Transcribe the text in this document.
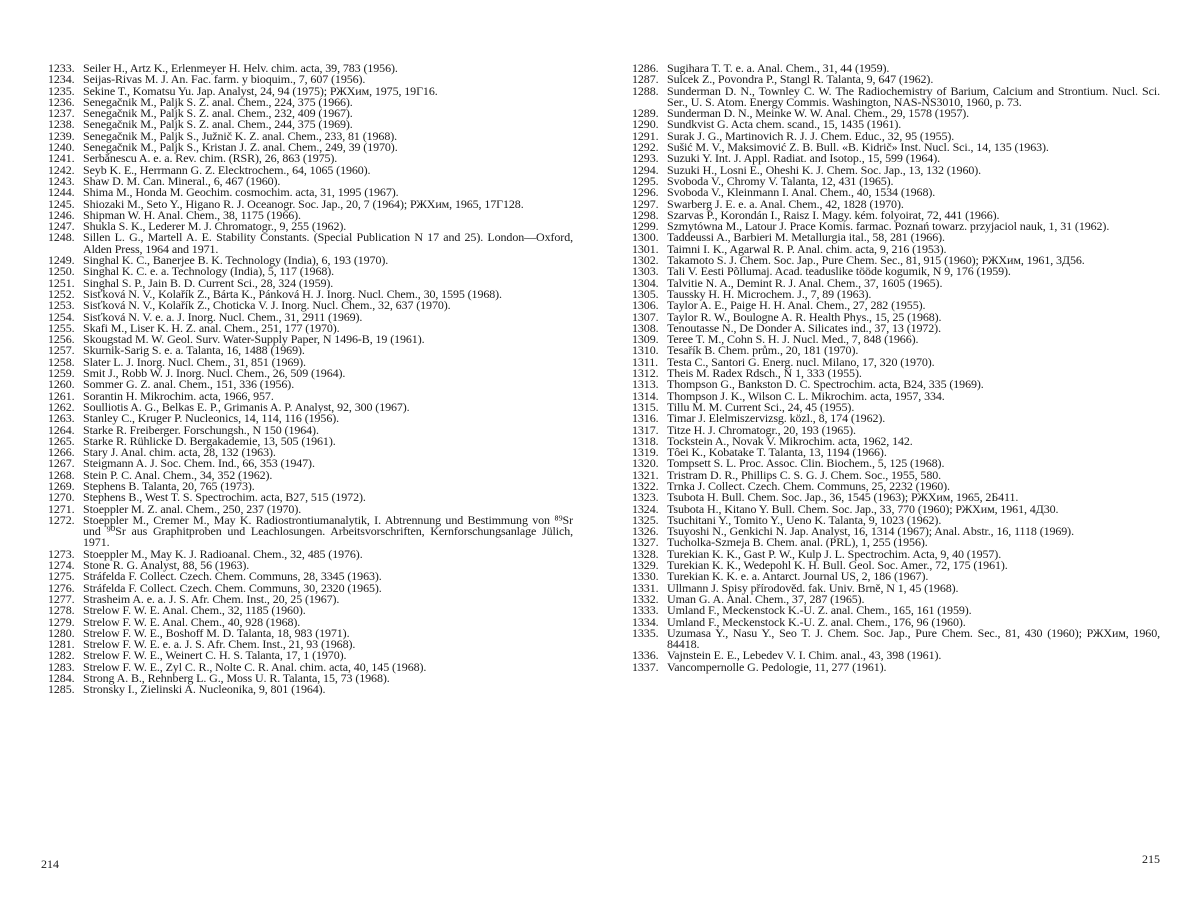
1233. Seiler H., Artz K., Erlenmeyer H. Helv. chim. acta, 39, 783 (1956).
1234. Seijas-Rivas M. J. An. Fac. farm. y bioquim., 7, 607 (1956).
1235. Sekine T., Komatsu Yu. Jap. Analyst, 24, 94 (1975); РЖХим, 1975, 19Г16.
1236. Senegačnik M., Paljk S. Z. anal. Chem., 224, 375 (1966).
1237. Senegačnik M., Paljk S. Z. anal. Chem., 232, 409 (1967).
1238. Senegačnik M., Paljk S. Z. anal. Chem., 244, 375 (1969).
1239. Senegačnik M., Paljk S., Južnič K. Z. anal. Chem., 233, 81 (1968).
1240. Senegačnik M., Paljk S., Kristan J. Z. anal. Chem., 249, 39 (1970).
1241. Serbănescu A. e. a. Rev. chim. (RSR), 26, 863 (1975).
1242. Seyb K. E., Herrmann G. Z. Elecktrochem., 64, 1065 (1960).
1243. Shaw D. M. Can. Mineral., 6, 467 (1960).
1244. Shima M., Honda M. Geochim. cosmochim. acta, 31, 1995 (1967).
1245. Shiozaki M., Seto Y., Higano R. J. Oceanogr. Soc. Jap., 20, 7 (1964); РЖХим, 1965, 17Г128.
1246. Shipman W. H. Anal. Chem., 38, 1175 (1966).
1247. Shukla S. K., Lederer M. J. Chromatogr., 9, 255 (1962).
1248. Sillen L. G., Martell A. E. Stability Constants. (Special Publication N 17 and 25). London—Oxford, Alden Press, 1964 and 1971.
1249. Singhal K. C., Banerjee B. K. Technology (India), 6, 193 (1970).
1250. Singhal K. C. e. a. Technology (India), 5, 117 (1968).
1251. Singhal S. P., Jain B. D. Current Sci., 28, 324 (1959).
1252. Sisťková N. V., Kolařík Z., Bárta K., Pánková H. J. Inorg. Nucl. Chem., 30, 1595 (1968).
1253. Sisťková N. V., Kolařík Z., Choticka V. J. Inorg. Nucl. Chem., 32, 637 (1970).
1254. Sisťková N. V. e. a. J. Inorg. Nucl. Chem., 31, 2911 (1969).
1255. Skafi M., Liser K. H. Z. anal. Chem., 251, 177 (1970).
1256. Skougstad M. W. Geol. Surv. Water-Supply Paper, N 1496-B, 19 (1961).
1257. Skurnik-Sarig S. e. a. Talanta, 16, 1488 (1969).
1258. Slater L. J. Inorg. Nucl. Chem., 31, 851 (1969).
1259. Smit J., Robb W. J. Inorg. Nucl. Chem., 26, 509 (1964).
1260. Sommer G. Z. anal. Chem., 151, 336 (1956).
1261. Sorantin H. Mikrochim. acta, 1966, 957.
1262. Soulliotis A. G., Belkas E. P., Grimanis A. P. Analyst, 92, 300 (1967).
1263. Stanley C., Kruger P. Nucleonics, 14, 114, 116 (1956).
1264. Starke R. Freiberger. Forschungsh., N 150 (1964).
1265. Starke R. Rühlicke D. Bergakademie, 13, 505 (1961).
1266. Stary J. Anal. chim. acta, 28, 132 (1963).
1267. Steigmann A. J. Soc. Chem. Ind., 66, 353 (1947).
1268. Stein P. C. Anal. Chem., 34, 352 (1962).
1269. Stephens B. Talanta, 20, 765 (1973).
1270. Stephens B., West T. S. Spectrochim. acta, B27, 515 (1972).
1271. Stoeppler M. Z. anal. Chem., 250, 237 (1970).
1272. Stoeppler M., Cremer M., May K. Radiostrontiumanalytik, I. Abtrennung und Bestimmung von ⁸⁹Sr und ⁹⁰Sr aus Graphitproben und Leachlosungen. Arbeitsvorschriften, Kernforschungsanlage Jülich, 1971.
1273. Stoeppler M., May K. J. Radioanal. Chem., 32, 485 (1976).
1274. Stone R. G. Analyst, 88, 56 (1963).
1275. Stráfelda F. Collect. Czech. Chem. Communs, 28, 3345 (1963).
1276. Stráfelda F. Collect. Czech. Chem. Communs, 30, 2320 (1965).
1277. Strasheim A. e. a. J. S. Afr. Chem. Inst., 20, 25 (1967).
1278. Strelow F. W. E. Anal. Chem., 32, 1185 (1960).
1279. Strelow F. W. E. Anal. Chem., 40, 928 (1968).
1280. Strelow F. W. E., Boshoff M. D. Talanta, 18, 983 (1971).
1281. Strelow F. W. E. e. a. J. S. Afr. Chem. Inst., 21, 93 (1968).
1282. Strelow F. W. E., Weinert C. H. S. Talanta, 17, 1 (1970).
1283. Strelow F. W. E., Zyl C. R., Nolte C. R. Anal. chim. acta, 40, 145 (1968).
1284. Strong A. B., Rehnberg L. G., Moss U. R. Talanta, 15, 73 (1968).
1285. Stronsky I., Zielinski A. Nucleonika, 9, 801 (1964).
214
1286. Sugihara T. T. e. a. Anal. Chem., 31, 44 (1959).
1287. Sulcek Z., Povondra P., Stangl R. Talanta, 9, 647 (1962).
1288. Sunderman D. N., Townley C. W. The Radiochemistry of Barium, Calcium and Strontium. Nucl. Sci. Ser., U. S. Atom. Energy Commis. Washington, NAS-NS3010, 1960, p. 73.
1289. Sunderman D. N., Meinke W. W. Anal. Chem., 29, 1578 (1957).
1290. Sundkvist G. Acta chem. scand., 15, 1435 (1961).
1291. Surak J. G., Martinovich R. J. J. Chem. Educ., 32, 95 (1955).
1292. Sušić M. V., Maksimović Z. B. Bull. «B. Kidrič» Inst. Nucl. Sci., 14, 135 (1963).
1293. Suzuki Y. Int. J. Appl. Radiat. and Isotop., 15, 599 (1964).
1294. Suzuki H., Losni E., Oheshi K. J. Chem. Soc. Jap., 13, 132 (1960).
1295. Svoboda V., Chromy V. Talanta, 12, 431 (1965).
1296. Svoboda V., Kleinmann I. Anal. Chem., 40, 1534 (1968).
1297. Swarberg J. E. e. a. Anal. Chem., 42, 1828 (1970).
1298. Szarvas P., Korondán I., Raisz I. Magy. kém. folyoirat, 72, 441 (1966).
1299. Szmytówna M., Latour J. Prace Komis. farmac. Poznań towarz. przyjaciol nauk, 1, 31 (1962).
1300. Taddeussi A., Barbieri M. Metallurgia ital., 58, 281 (1966).
1301. Taimni I. K., Agarwal R. P. Anal. chim. acta, 9, 216 (1953).
1302. Takamoto S. J. Chem. Soc. Jap., Pure Chem. Sec., 81, 915 (1960); РЖХим, 1961, 3Д56.
1303. Tali V. Eesti Põllumaj. Acad. teaduslike tööde kogumik, N 9, 176 (1959).
1304. Talvitie N. A., Demint R. J. Anal. Chem., 37, 1605 (1965).
1305. Taussky H. H. Microchem. J., 7, 89 (1963).
1306. Taylor A. E., Paige H. H. Anal. Chem., 27, 282 (1955).
1307. Taylor R. W., Boulogne A. R. Health Phys., 15, 25 (1968).
1308. Tenoutasse N., De Donder A. Silicates ind., 37, 13 (1972).
1309. Teree T. M., Cohn S. H. J. Nucl. Med., 7, 848 (1966).
1310. Tesařík B. Chem. prům., 20, 181 (1970).
1311. Testa C., Santori G. Energ. nucl. Milano, 17, 320 (1970).
1312. Theis M. Radex Rdsch., N 1, 333 (1955).
1313. Thompson G., Bankston D. C. Spectrochim. acta, B24, 335 (1969).
1314. Thompson J. K., Wilson C. L. Mikrochim. acta, 1957, 334.
1315. Tillu M. M. Current Sci., 24, 45 (1955).
1316. Timar J. Elelmiszervizsg. közl., 8, 174 (1962).
1317. Titze H. J. Chromatogr., 20, 193 (1965).
1318. Tockstein A., Novak V. Mikrochim. acta, 1962, 142.
1319. Tôei K., Kobatake T. Talanta, 13, 1194 (1966).
1320. Tompsett S. L. Proc. Assoc. Clin. Biochem., 5, 125 (1968).
1321. Tristram D. R., Phillips C. S. G. J. Chem. Soc., 1955, 580.
1322. Trnka J. Collect. Czech. Chem. Communs, 25, 2232 (1960).
1323. Tsubota H. Bull. Chem. Soc. Jap., 36, 1545 (1963); РЖХим, 1965, 2Б411.
1324. Tsubota H., Kitano Y. Bull. Chem. Soc. Jap., 33, 770 (1960); РЖХим, 1961, 4Д30.
1325. Tsuchitani Y., Tomito Y., Ueno K. Talanta, 9, 1023 (1962).
1326. Tsuyoshi N., Genkichi N. Jap. Analyst, 16, 1314 (1967); Anal. Abstr., 16, 1118 (1969).
1327. Tucholka-Szmeja B. Chem. anal. (PRL), 1, 255 (1956).
1328. Turekian K. K., Gast P. W., Kulp J. L. Spectrochim. Acta, 9, 40 (1957).
1329. Turekian K. K., Wedepohl K. H. Bull. Geol. Soc. Amer., 72, 175 (1961).
1330. Turekian K. K. e. a. Antarct. Journal US, 2, 186 (1967).
1331. Ullmann J. Spisy přírodověd. fak. Univ. Brně, N 1, 45 (1968).
1332. Uman G. A. Anal. Chem., 37, 287 (1965).
1333. Umland F., Meckenstock K.-U. Z. anal. Chem., 165, 161 (1959).
1334. Umland F., Meckenstock K.-U. Z. anal. Chem., 176, 96 (1960).
1335. Uzumasa Y., Nasu Y., Seo T. J. Chem. Soc. Jap., Pure Chem. Sec., 81, 430 (1960); РЖХим, 1960, 84418.
1336. Vajnstein E. E., Lebedev V. I. Chim. anal., 43, 398 (1961).
1337. Vancompernolle G. Pedologie, 11, 277 (1961).
215
